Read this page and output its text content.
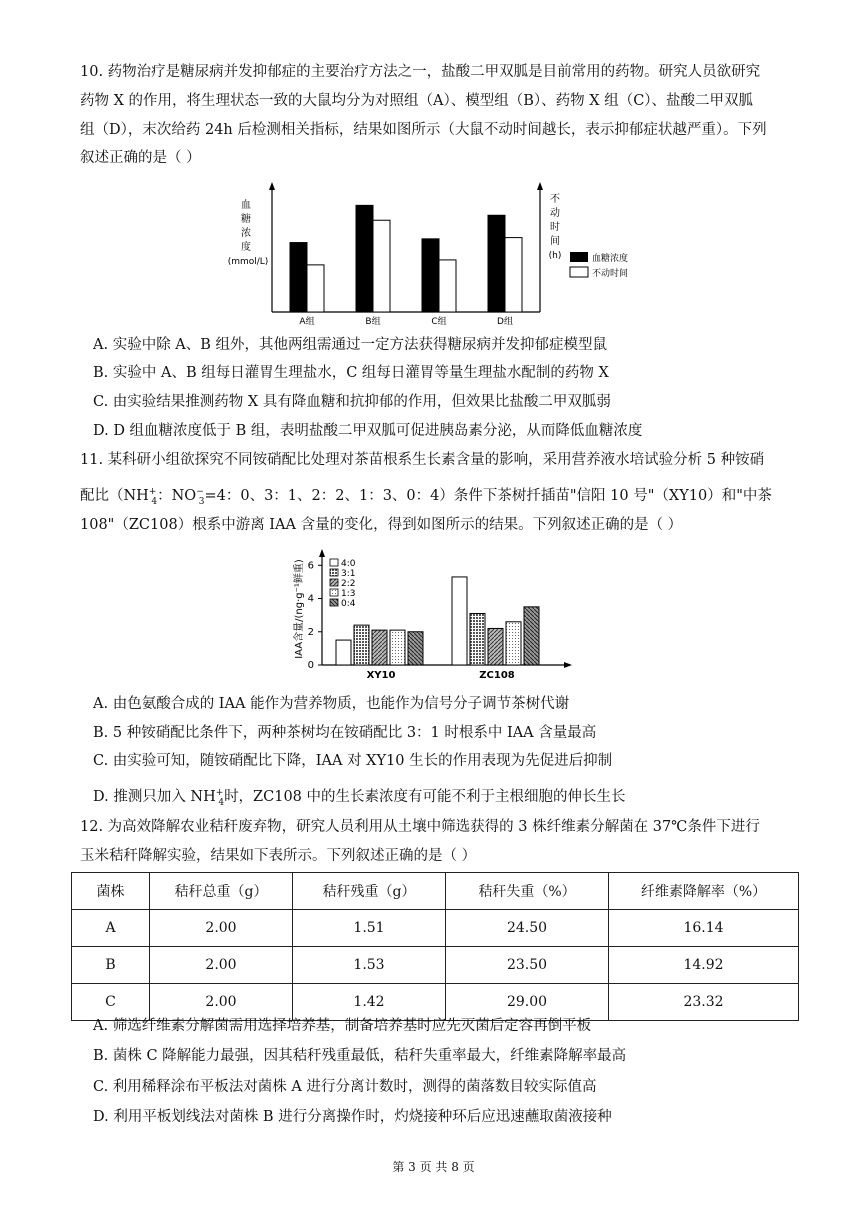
10. 药物治疗是糖尿病并发抑郁症的主要治疗方法之一，盐酸二甲双胍是目前常用的药物。研究人员欲研究
药物 X 的作用，将生理状态一致的大鼠均分为对照组（A）、模型组（B）、药物 X 组（C）、盐酸二甲双胍
组（D），末次给药 24h 后检测相关指标，结果如图所示（大鼠不动时间越长，表示抑郁症状越严重）。下列
叙述正确的是（ ）
血
糖
浓
度
(mmol/L)
不
动
时
间
(h)
A组	B组	C组	D组
血糖浓度
不动时间
A. 实验中除 A、B 组外，其他两组需通过一定方法获得糖尿病并发抑郁症模型鼠
B. 实验中 A、B 组每日灌胃生理盐水，C 组每日灌胃等量生理盐水配制的药物 X
C. 由实验结果推测药物 X 具有降血糖和抗抑郁的作用，但效果比盐酸二甲双胍弱
D. D 组血糖浓度低于 B 组，表明盐酸二甲双胍可促进胰岛素分泌，从而降低血糖浓度
11. 某科研小组欲探究不同铵硝配比处理对茶苗根系生长素含量的影响，采用营养液水培试验分析 5 种铵硝
配比（$NH^+_4$：$NO^-_3=4$：0、3：1、2：2、1：3、0：4）条件下茶树扦插苗"信阳 10 号"（XY10）和"中茶
108"（ZC108）根系中游离 IAA 含量的变化，得到如图所示的结果。下列叙述正确的是（ ）
0
2
4
6
IAA含量/(ng·g⁻¹鲜重)
XY10	ZC108
4:0
3:1
2:2
1:3
0:4
A. 由色氨酸合成的 IAA 能作为营养物质，也能作为信号分子调节茶树代谢
B. 5 种铵硝配比条件下，两种茶树均在铵硝配比 3：1 时根系中 IAA 含量最高
C. 由实验可知，随铵硝配比下降，IAA 对 XY10 生长的作用表现为先促进后抑制
D. 推测只加入 $NH^+_4$时，ZC108 中的生长素浓度有可能不利于主根细胞的伸长生长
12. 为高效降解农业秸秆废弃物，研究人员利用从土壤中筛选获得的 3 株纤维素分解菌在 37℃条件下进行
玉米秸秆降解实验，结果如下表所示。下列叙述正确的是（ ）
菌株	秸秆总重（g）	秸秆残重（g）	秸秆失重（%）	纤维素降解率（%）
A	2.00	1.51	24.50	16.14
B	2.00	1.53	23.50	14.92
C	2.00	1.42	29.00	23.32
A. 筛选纤维素分解菌需用选择培养基，制备培养基时应先灭菌后定容再倒平板
B. 菌株 C 降解能力最强，因其秸秆残重最低，秸秆失重率最大，纤维素降解率最高
C. 利用稀释涂布平板法对菌株 A 进行分离计数时，测得的菌落数目较实际值高
D. 利用平板划线法对菌株 B 进行分离操作时，灼烧接种环后应迅速蘸取菌液接种
第 3 页 共 8 页
